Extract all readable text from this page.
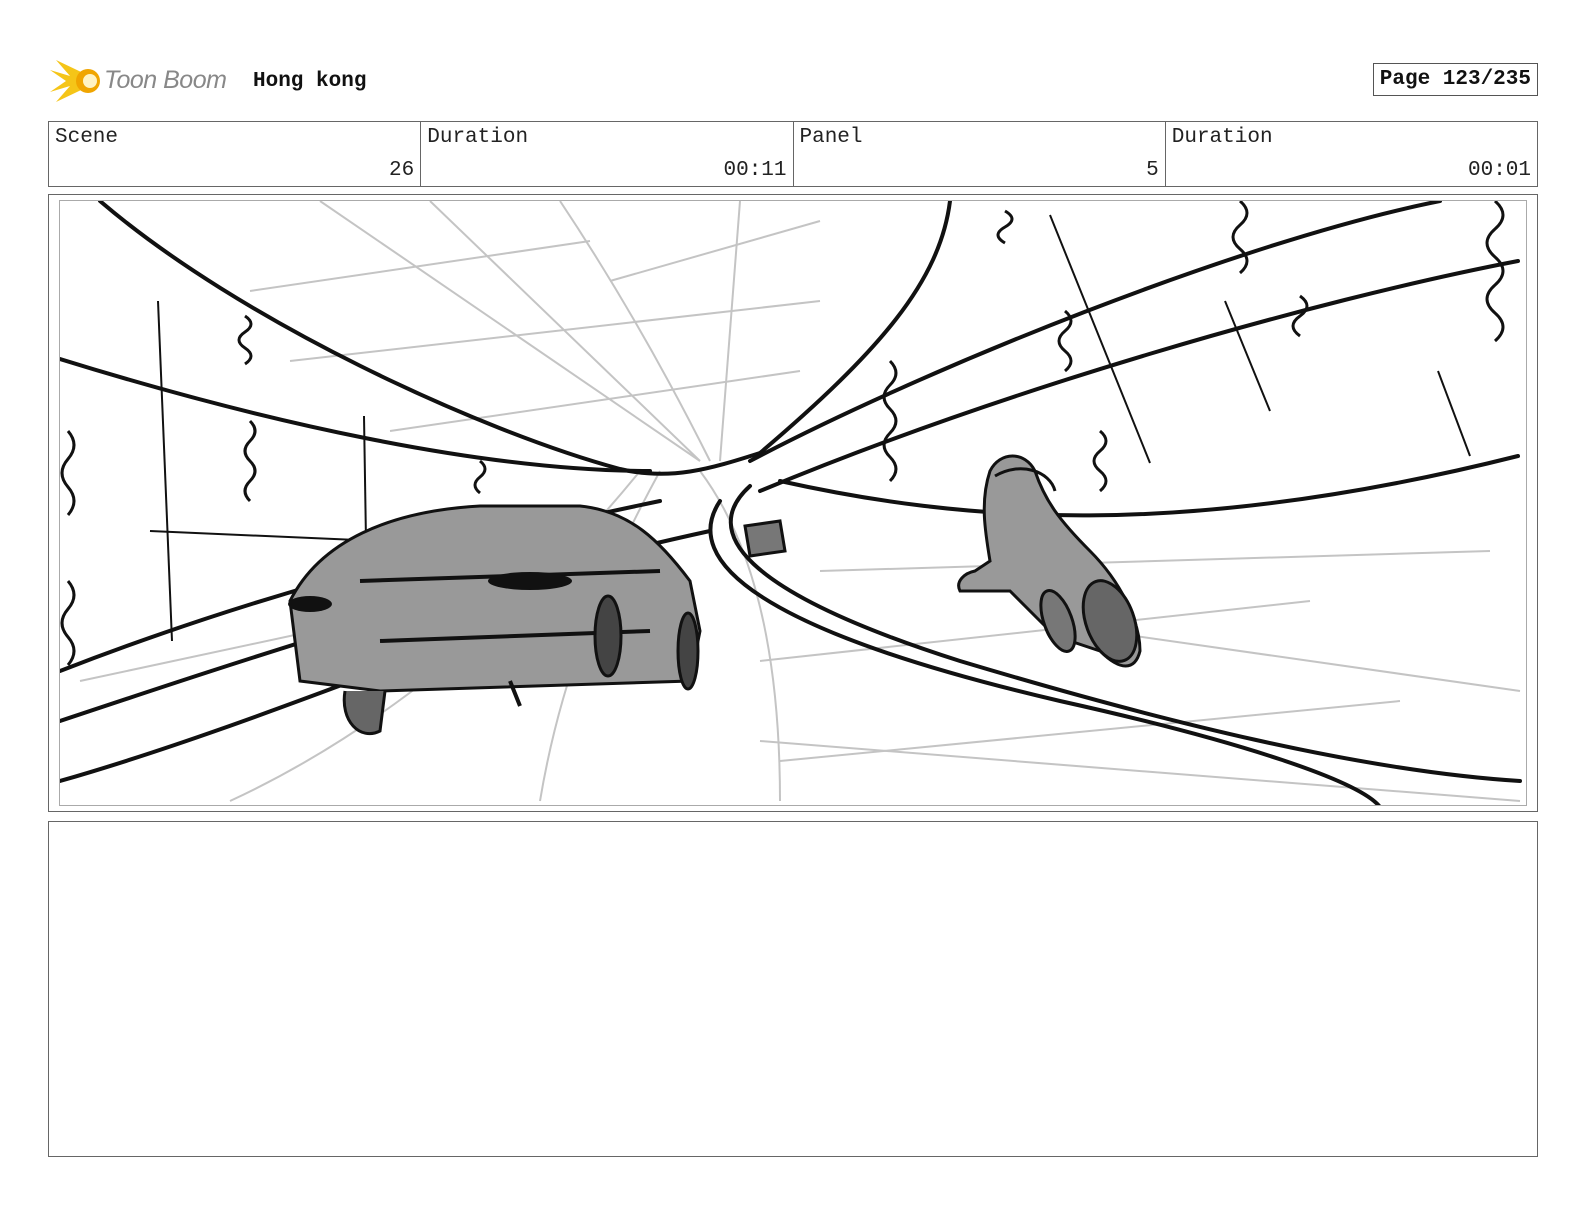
Toon Boom Hong kong	Page 123/235
Scene
26
Duration
00:11
Panel
5
Duration
00:01
